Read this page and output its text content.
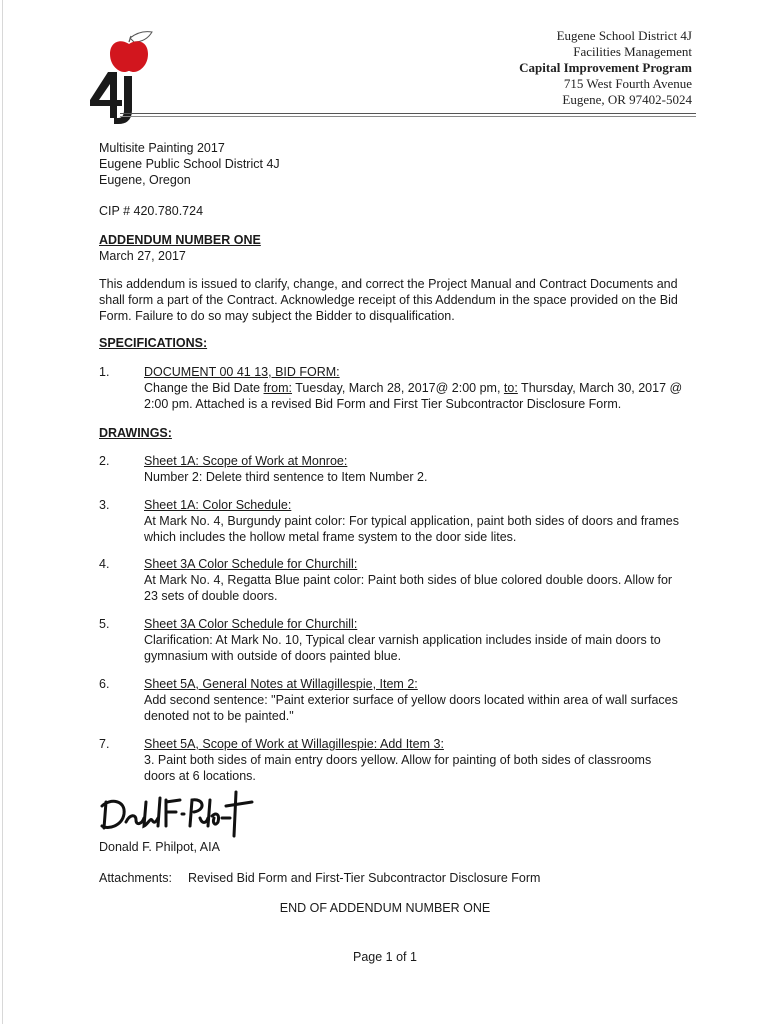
Eugene School District 4J
Facilities Management
Capital Improvement Program
715 West Fourth Avenue
Eugene, OR 97402-5024
Multisite Painting 2017
Eugene Public School District 4J
Eugene, Oregon
CIP # 420.780.724
ADDENDUM NUMBER ONE
March 27, 2017
This addendum is issued to clarify, change, and correct the Project Manual and Contract Documents and
shall form a part of the Contract. Acknowledge receipt of this Addendum in the space provided on the Bid
Form. Failure to do so may subject the Bidder to disqualification.
SPECIFICATIONS:
1.	DOCUMENT 00 41 13, BID FORM:
Change the Bid Date from: Tuesday, March 28, 2017@ 2:00 pm, to: Thursday, March 30, 2017 @
2:00 pm. Attached is a revised Bid Form and First Tier Subcontractor Disclosure Form.
DRAWINGS:
2.	Sheet 1A: Scope of Work at Monroe:
Number 2: Delete third sentence to Item Number 2.
3.	Sheet 1A: Color Schedule:
At Mark No. 4, Burgundy paint color: For typical application, paint both sides of doors and frames
which includes the hollow metal frame system to the door side lites.
4.	Sheet 3A Color Schedule for Churchill:
At Mark No. 4, Regatta Blue paint color: Paint both sides of blue colored double doors. Allow for
23 sets of double doors.
5.	Sheet 3A Color Schedule for Churchill:
Clarification: At Mark No. 10, Typical clear varnish application includes inside of main doors to
gymnasium with outside of doors painted blue.
6.	Sheet 5A, General Notes at Willagillespie, Item 2:
Add second sentence: "Paint exterior surface of yellow doors located within area of wall surfaces
denoted not to be painted."
7.	Sheet 5A, Scope of Work at Willagillespie: Add Item 3:
3. Paint both sides of main entry doors yellow. Allow for painting of both sides of classrooms
doors at 6 locations.
Donald F. Philpot, AIA
Attachments: Revised Bid Form and First-Tier Subcontractor Disclosure Form
END OF ADDENDUM NUMBER ONE
Page 1 of 1
